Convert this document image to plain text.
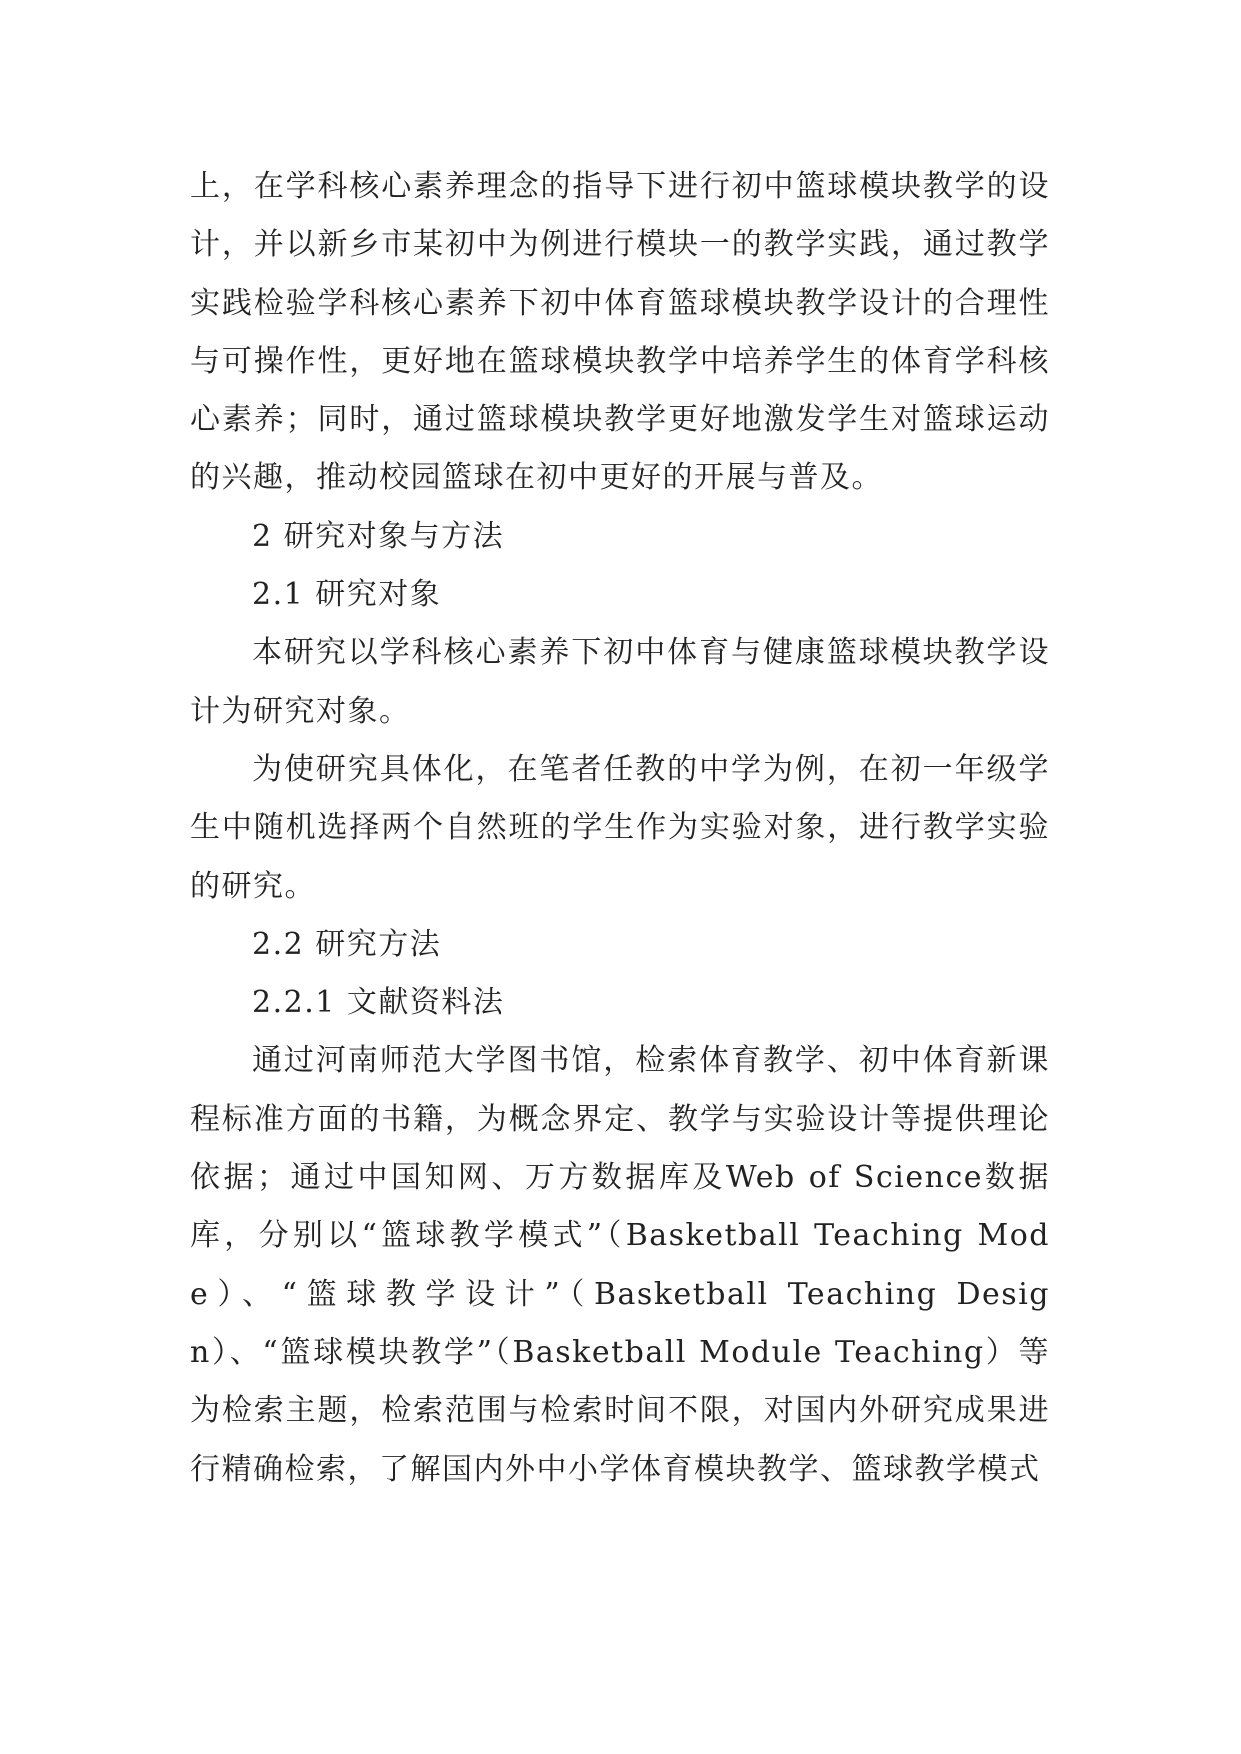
上，在学科核心素养理念的指导下进行初中篮球模块教学的设计，并以新乡市某初中为例进行模块一的教学实践，通过教学实践检验学科核心素养下初中体育篮球模块教学设计的合理性与可操作性，更好地在篮球模块教学中培养学生的体育学科核心素养；同时，通过篮球模块教学更好地激发学生对篮球运动的兴趣，推动校园篮球在初中更好的开展与普及。

2 研究对象与方法

2.1 研究对象

本研究以学科核心素养下初中体育与健康篮球模块教学设计为研究对象。

为使研究具体化，在笔者任教的中学为例，在初一年级学生中随机选择两个自然班的学生作为实验对象，进行教学实验的研究。

2.2 研究方法

2.2.1 文献资料法

通过河南师范大学图书馆，检索体育教学、初中体育新课程标准方面的书籍，为概念界定、教学与实验设计等提供理论依据；通过中国知网、万方数据库及Web of Science数据库，分别以“篮球教学模式”（Basketball Teaching Mode）、“篮球教学设计”（Basketball Teaching Design）、“篮球模块教学”（Basketball Module Teaching）等为检索主题，检索范围与检索时间不限，对国内外研究成果进行精确检索，了解国内外中小学体育模块教学、篮球教学模式
